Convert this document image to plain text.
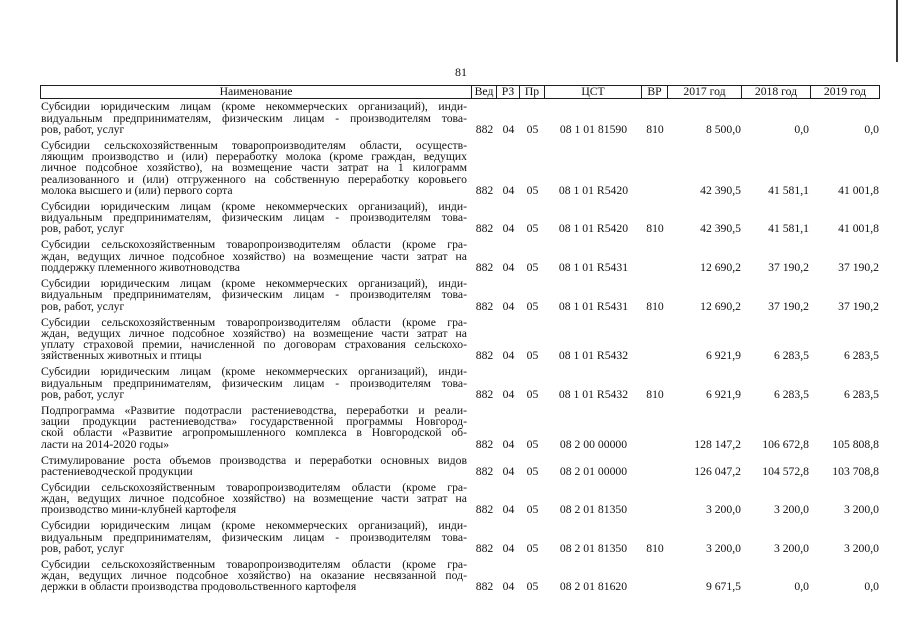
81
Наименование	Вед РЗ Пр	ЦСТ	ВР	2017 год	2018 год	2019 год
Субсидии юридическим лицам (кроме некоммерческих организаций), инди-
видуальным предпринимателям, физическим лицам - производителям това-
ров, работ, услуг	882 04	05	08 1 01 81590	810	8 500,0	0,0	0,0
Субсидии сельскохозяйственным товаропроизводителям области, осуществ-
ляющим производство и (или) переработку молока (кроме граждан, ведущих
личное подсобное хозяйство), на возмещение части затрат на 1 килограмм
реализованного и (или) отгруженного на собственную переработку коровьего
молока высшего и (или) первого сорта	882 04	05	08 1 01 R5420	42 390,5	41 581,1	41 001,8
Субсидии юридическим лицам (кроме некоммерческих организаций), инди-
видуальным предпринимателям, физическим лицам - производителям това-
ров, работ, услуг	882 04	05	08 1 01 R5420	810	42 390,5	41 581,1	41 001,8
Субсидии сельскохозяйственным товаропроизводителям области (кроме гра-
ждан, ведущих личное подсобное хозяйство) на возмещение части затрат на
поддержку племенного животноводства	882 04	05	08 1 01 R5431	12 690,2	37 190,2	37 190,2
Субсидии юридическим лицам (кроме некоммерческих организаций), инди-
видуальным предпринимателям, физическим лицам - производителям това-
ров, работ, услуг	882 04	05	08 1 01 R5431	810	12 690,2	37 190,2	37 190,2
Субсидии сельскохозяйственным товаропроизводителям области (кроме гра-
ждан, ведущих личное подсобное хозяйство) на возмещение части затрат на
уплату страховой премии, начисленной по договорам страхования сельскохо-
зяйственных животных и птицы	882 04	05	08 1 01 R5432	6 921,9	6 283,5	6 283,5
Субсидии юридическим лицам (кроме некоммерческих организаций), инди-
видуальным предпринимателям, физическим лицам - производителям това-
ров, работ, услуг	882 04	05	08 1 01 R5432	810	6 921,9	6 283,5	6 283,5
Подпрограмма «Развитие подотрасли растениеводства, переработки и реали-
зации продукции растениеводства» государственной программы Новгород-
ской области «Развитие агропромышленного комплекса в Новгородской об-
ласти на 2014-2020 годы»	882 04	05	08 2 00 00000	128 147,2	106 672,8	105 808,8
Стимулирование роста объемов производства и переработки основных видов
растениеводческой продукции	882 04	05	08 2 01 00000	126 047,2	104 572,8	103 708,8
Субсидии сельскохозяйственным товаропроизводителям области (кроме гра-
ждан, ведущих личное подсобное хозяйство) на возмещение части затрат на
производство мини-клубней картофеля	882 04	05	08 2 01 81350	3 200,0	3 200,0	3 200,0
Субсидии юридическим лицам (кроме некоммерческих организаций), инди-
видуальным предпринимателям, физическим лицам - производителям това-
ров, работ, услуг	882 04	05	08 2 01 81350	810	3 200,0	3 200,0	3 200,0
Субсидии сельскохозяйственным товаропроизводителям области (кроме гра-
ждан, ведущих личное подсобное хозяйство) на оказание несвязанной под-
держки в области производства продовольственного картофеля	882 04	05	08 2 01 81620	9 671,5	0,0	0,0
